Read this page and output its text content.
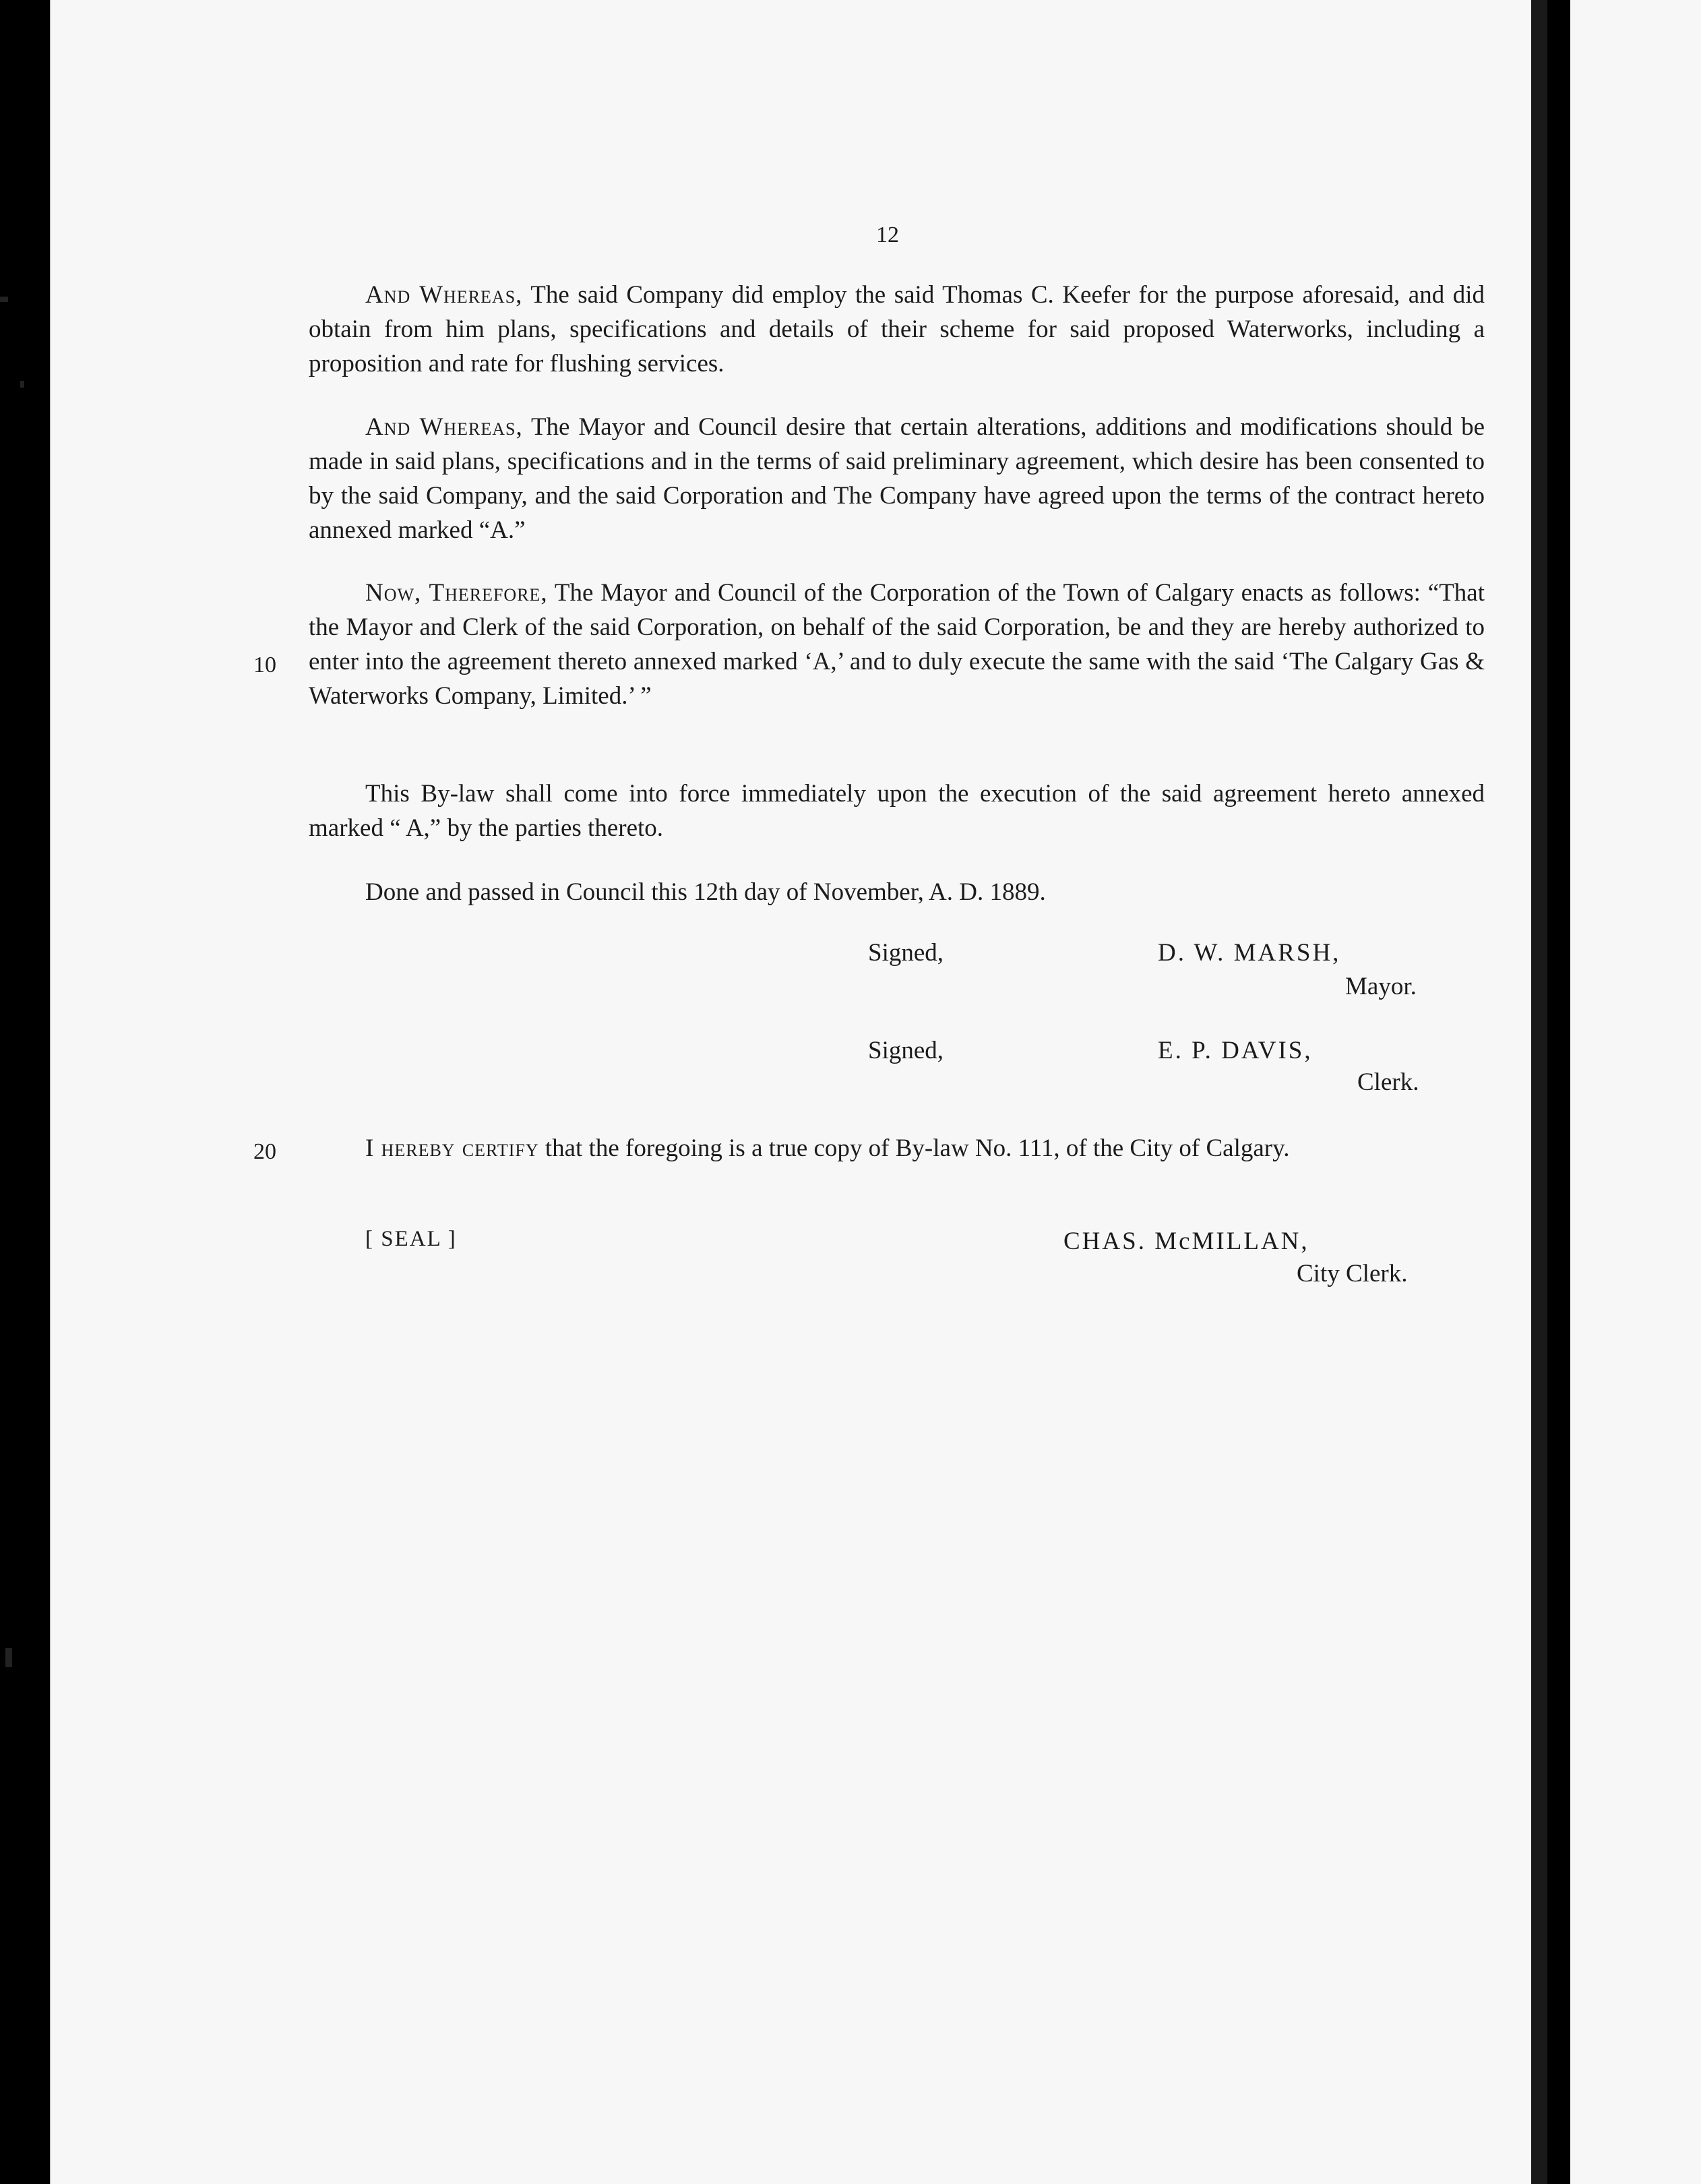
12

And Whereas, The said Company did employ the said Thomas C. Keefer for the purpose aforesaid, and did obtain from him plans, specifications and details of their scheme for said proposed Waterworks, including a proposition and rate for flushing services.

And Whereas, The Mayor and Council desire that certain alterations, additions and modifications should be made in said plans, specifications and in the terms of said preliminary agreement, which desire has been consented to by the said Company, and the said Corporation and The Company have agreed upon the terms of the contract hereto annexed marked “A.”

Now, Therefore, The Mayor and Council of the Corporation of the Town of Calgary enacts as follows: “That the Mayor and Clerk of the said Corporation, on behalf of the said Corporation, be and they are hereby authorized to enter into the agreement thereto annexed marked ‘A,’ and to duly execute the same with the said ‘The Calgary Gas & Waterworks Company, Limited.’ ”

10

This By-law shall come into force immediately upon the execution of the said agreement hereto annexed marked “ A,” by the parties thereto.

Done and passed in Council this 12th day of November, A. D. 1889.

Signed,	D. W. MARSH,
Mayor.
Signed,	E. P. DAVIS,
Clerk.
20	I hereby certify that the foregoing is a true copy of By-law No. 111, of the City of Calgary.

[ SEAL ]	CHAS. McMILLAN,
City Clerk.
